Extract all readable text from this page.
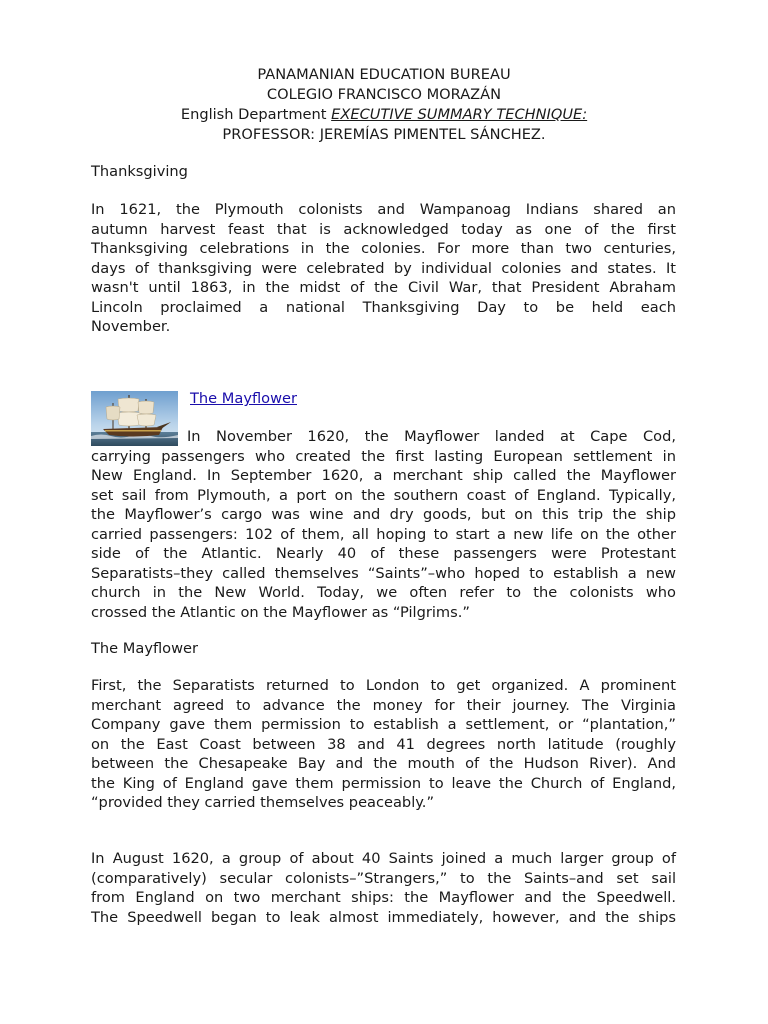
PANAMANIAN EDUCATION BUREAU
COLEGIO FRANCISCO MORAZÁN
English Department EXECUTIVE SUMMARY TECHNIQUE:
PROFESSOR: JEREMÍAS PIMENTEL SÁNCHEZ.
Thanksgiving
In 1621, the Plymouth colonists and Wampanoag Indians shared an
autumn harvest feast that is acknowledged today as one of the first
Thanksgiving celebrations in the colonies. For more than two centuries,
days of thanksgiving were celebrated by individual colonies and states. It
wasn't until 1863, in the midst of the Civil War, that President Abraham
Lincoln proclaimed a national Thanksgiving Day to be held each
November.
The Mayflower
In November 1620, the Mayflower landed at Cape Cod,
carrying passengers who created the first lasting European settlement in
New England. In September 1620, a merchant ship called the Mayflower
set sail from Plymouth, a port on the southern coast of England. Typically,
the Mayflower’s cargo was wine and dry goods, but on this trip the ship
carried passengers: 102 of them, all hoping to start a new life on the other
side of the Atlantic. Nearly 40 of these passengers were Protestant
Separatists–they called themselves “Saints”–who hoped to establish a new
church in the New World. Today, we often refer to the colonists who
crossed the Atlantic on the Mayflower as “Pilgrims.”
The Mayflower
First, the Separatists returned to London to get organized. A prominent
merchant agreed to advance the money for their journey. The Virginia
Company gave them permission to establish a settlement, or “plantation,”
on the East Coast between 38 and 41 degrees north latitude (roughly
between the Chesapeake Bay and the mouth of the Hudson River). And
the King of England gave them permission to leave the Church of England,
“provided they carried themselves peaceably.”
In August 1620, a group of about 40 Saints joined a much larger group of
(comparatively) secular colonists–”Strangers,” to the Saints–and set sail
from England on two merchant ships: the Mayflower and the Speedwell.
The Speedwell began to leak almost immediately, however, and the ships
